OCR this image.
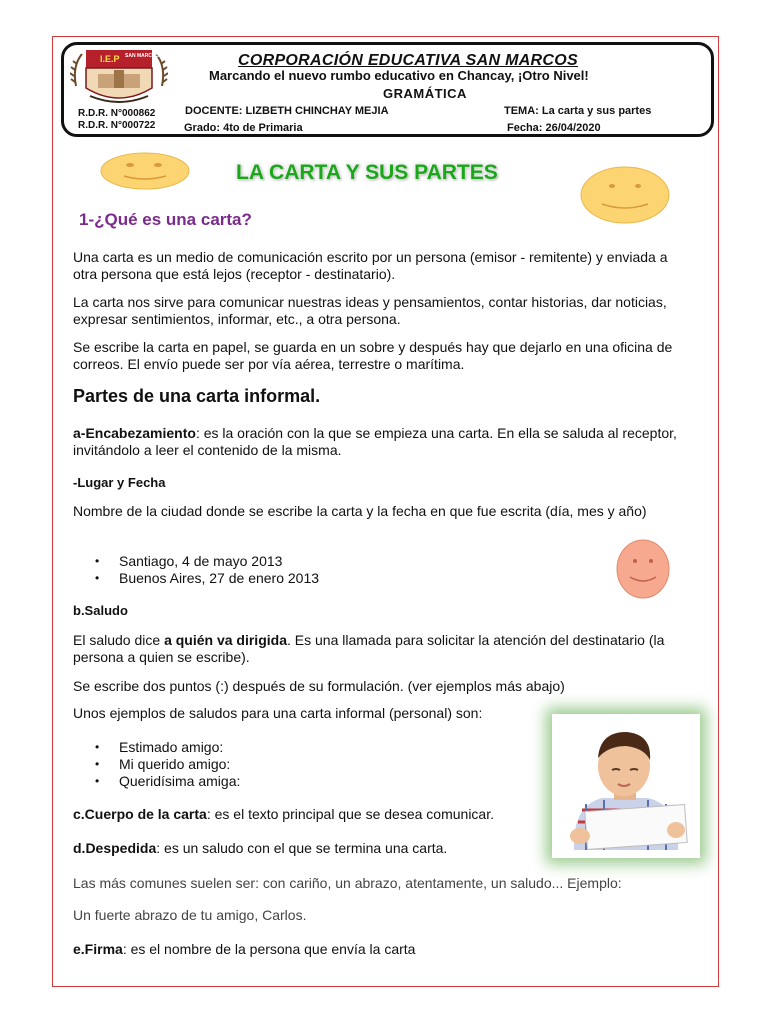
I.E.P SAN MARCOS	CORPORACIÓN EDUCATIVA SAN MARCOS
Marcando el nuevo rumbo educativo en Chancay, ¡Otro Nivel!
GRAMÁTICA
R.D.R. N°000862
R.D.R. N°000722
DOCENTE: LIZBETH CHINCHAY MEJIA	TEMA: La carta y sus partes
Grado: 4to de Primaria	Fecha: 26/04/2020
LA CARTA Y SUS PARTES
1-¿Qué es una carta?

Una carta es un medio de comunicación escrito por un persona (emisor - remitente) y enviada a otra persona que está lejos (receptor - destinatario).

La carta nos sirve para comunicar nuestras ideas y pensamientos, contar historias, dar noticias, expresar sentimientos, informar, etc., a otra persona.

Se escribe la carta en papel, se guarda en un sobre y después hay que dejarlo en una oficina de correos. El envío puede ser por vía aérea, terrestre o marítima.

Partes de una carta informal.

a-Encabezamiento: es la oración con la que se empieza una carta. En ella se saluda al receptor, invitándolo a leer el contenido de la misma.

-Lugar y Fecha

Nombre de la ciudad donde se escribe la carta y la fecha en que fue escrita (día, mes y año)

• Santiago, 4 de mayo 2013
• Buenos Aires, 27 de enero 2013
b.Saludo

El saludo dice a quién va dirigida. Es una llamada para solicitar la atención del destinatario (la persona a quien se escribe).

Se escribe dos puntos (:) después de su formulación. (ver ejemplos más abajo)

Unos ejemplos de saludos para una carta informal (personal) son:

• Estimado amigo:
• Mi querido amigo:
• Queridísima amiga:

c.Cuerpo de la carta: es el texto principal que se desea comunicar.

d.Despedida: es un saludo con el que se termina una carta.

Las más comunes suelen ser: con cariño, un abrazo, atentamente, un saludo... Ejemplo:

Un fuerte abrazo de tu amigo, Carlos.

e.Firma: es el nombre de la persona que envía la carta
